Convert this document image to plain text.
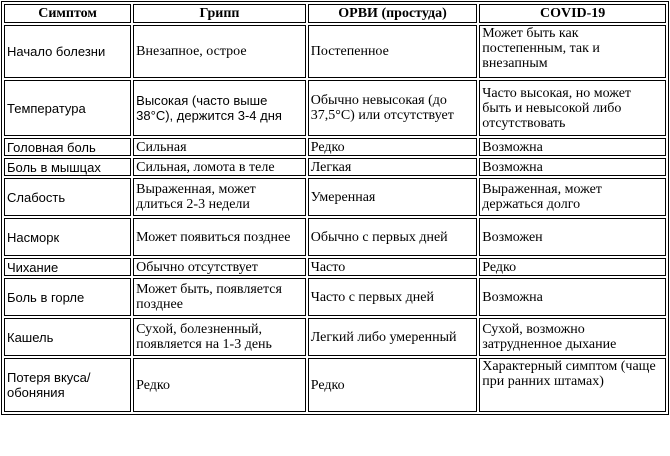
Симптом	Грипп	ОРВИ (простуда)	COVID-19
Начало болезни	Внезапное, острое	Постепенное	Может быть как постепенным, так и внезапным
Температура	Высокая (часто выше 38°С), держится 3-4 дня	Обычно невысокая (до 37,5°С) или отсутствует	Часто высокая, но может быть и невысокой либо отсутствовать
Головная боль	Сильная	Редко	Возможна
Боль в мышцах	Сильная, ломота в теле	Легкая	Возможна
Слабость	Выраженная, может длиться 2-3 недели	Умеренная	Выраженная, может держаться долго
Насморк	Может появиться позднее	Обычно с первых дней	Возможен
Чихание	Обычно отсутствует	Часто	Редко
Боль в горле	Может быть, появляется позднее	Часто с первых дней	Возможна
Кашель	Сухой, болезненный, появляется на 1-3 день	Легкий либо умеренный	Сухой, возможно затрудненное дыхание
Потеря вкуса/обоняния	Редко	Редко	Характерный симптом (чаще при ранних штамах)
